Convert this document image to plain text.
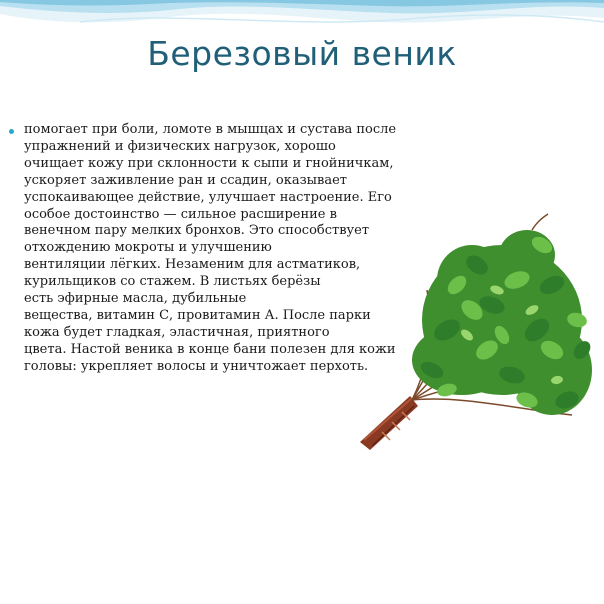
Березовый веник
помогает при боли, ломоте в мышцах и сустава после
упражнений и физических нагрузок, хорошо
очищает кожу при склонности к сыпи и гнойничкам,
ускоряет заживление ран и ссадин, оказывает
успокаивающее действие, улучшает настроение. Его
особое достоинство — сильное расширение в
венечном пару мелких бронхов. Это способствует
отхождению мокроты и улучшению
вентиляции лёгких. Незаменим для астматиков,
курильщиков со стажем. В листьях берёзы
есть эфирные масла, дубильные
вещества, витамин С, провитамин А. После парки
кожа будет гладкая, эластичная, приятного
цвета. Настой веника в конце бани полезен для кожи
головы: укрепляет волосы и уничтожает перхоть.
